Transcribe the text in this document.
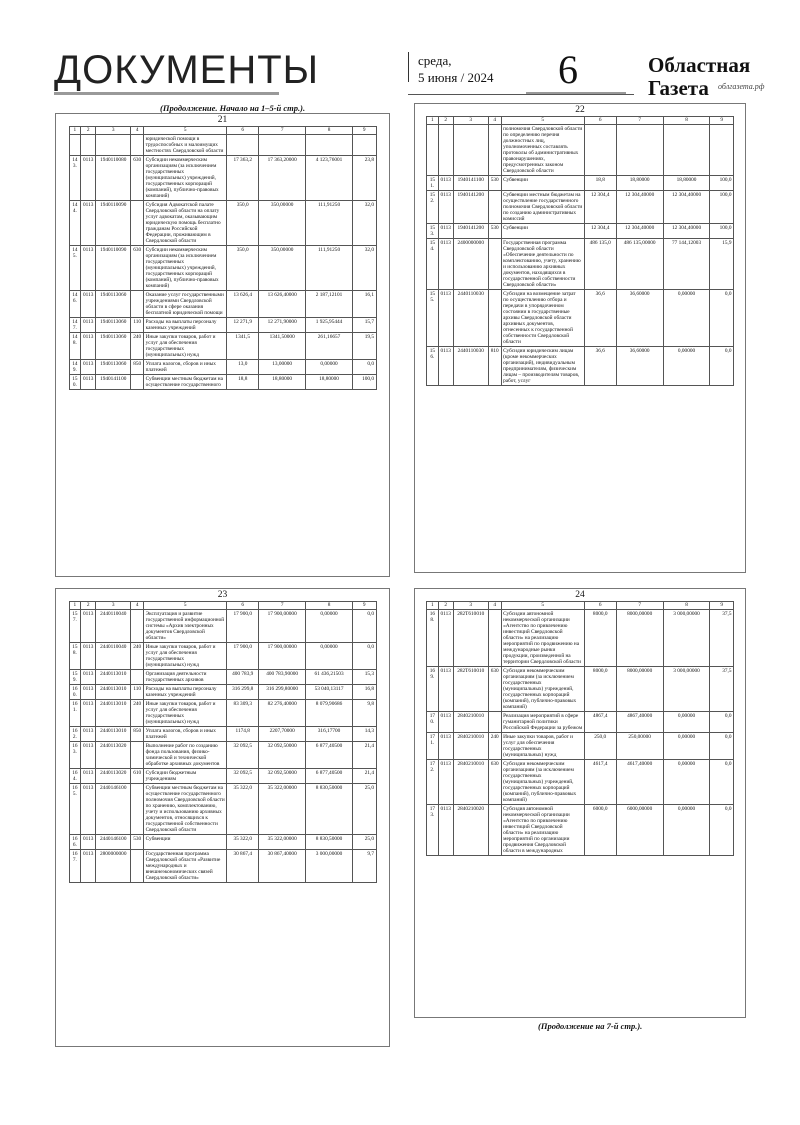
ДОКУМЕНТЫ	среда,
5 июня / 2024 6	Областная
Газета	облгазета.рф
(Продолжение. Начало на 1–5-й стр.).
21
1	2	3	4	5	6	7	8	9
				юридической помощи в трудоспособных и малоимущих местностях Свердловской области				
143.	0113	1940110080	630	Субсидии некоммерческим организациям (за исключением государственных (муниципальных) учреждений, государственных корпораций (компаний), публично-правовых компаний)	17 363,2	17 363,20000	4 123,76001	23,8
144.	0113	1940110090		Субсидия Адвокатской палате Свердловской области на оплату услуг адвокатам, оказывающим юридическую помощь бесплатно гражданам Российской Федерации, проживающим в Свердловской области	350,0	350,00000	111,91250	32,0
145.	0113	1940110090	630	Субсидии некоммерческим организациям (за исключением государственных (муниципальных) учреждений, государственных корпораций (компаний), публично-правовых компаний)	350,0	350,00000	111,91250	32,0
146.	0113	1940113060		Оказание услуг государственными учреждениями Свердловской области в сфере оказания бесплатной юридической помощи	13 626,4	13 626,40000	2 187,12101	16,1
147.	0113	1940113060	110	Расходы на выплаты персоналу казенных учреждений	12 271,9	12 271,90000	1 925,95444	15,7
148.	0113	1940113060	240	Иные закупки товаров, работ и услуг для обеспечения государственных (муниципальных) нужд	1341,5	1341,50000	261,16657	19,5
149.	0113	1940113060	850	Уплата налогов, сборов и иных платежей	13,0	13,00000	0,00000	0,0
150.	0113	1940141100		Субвенции местным бюджетам на осуществление государственного	18,8	18,80000	18,80000	100,0
22
1	2	3	4	5	6	7	8	9
				полномочия Свердловской области по определению перечня должностных лиц, уполномоченных составлять протоколы об административных правонарушениях, предусмотренных законом Свердловской области				
151.	0113	1940141100	530	Субвенции	18,8	18,80000	18,80000	100,0
152.	0113	1940141200		Субвенции местным бюджетам на осуществление государственного полномочия Свердловской области по созданию административных комиссий	12 304,4	12 304,40000	12 304,40000	100,0
153.	0113	1940141200	530	Субвенции	12 304,4	12 304,40000	12 304,40000	100,0
154.	0113	2400000000		Государственная программа Свердловской области «Обеспечение деятельности по комплектованию, учету, хранению и использованию архивных документов, находящихся в государственной собственности Свердловской области»	486 135,0	486 135,00000	77 144,12003	15,9
155.	0113	2440110030		Субсидии на возмещение затрат по осуществлению отбора и передачи в упорядоченном состоянии в государственные архивы Свердловской области архивных документов, отнесенных к государственной собственности Свердловской области	36,6	36,60000	0,00000	0,0
156.	0113	2440110030	810	Субсидии юридическим лицам (кроме некоммерческих организаций), индивидуальным предпринимателям, физическим лицам – производителям товаров, работ, услуг	36,6	36,60000	0,00000	0,0
23
1	2	3	4	5	6	7	8	9
157.	0113	2440110040		Эксплуатация и развитие государственной информационной системы «Архив электронных документов Свердловской области»	17 900,0	17 900,00000	0,00000	0,0
158.	0113	2440110040	240	Иные закупки товаров, работ и услуг для обеспечения государственных (муниципальных) нужд	17 900,0	17 900,00000	0,00000	0,0
159.	0113	2440113010		Организация деятельности государственных архивов	400 783,9	400 783,90000	61 436,21503	15,3
160.	0113	2440113010	110	Расходы на выплаты персоналу казенных учреждений	316 299,8	316 299,80000	53 040,13117	16,8
161.	0113	2440113010	240	Иные закупки товаров, работ и услуг для обеспечения государственных (муниципальных) нужд	83 309,3	82 276,40000	8 079,90686	9,8
162.	0113	2440113010	850	Уплата налогов, сборов и иных платежей	1174,8	2207,70000	316,17700	14,3
163.	0113	2440113020		Выполнение работ по созданию фонда пользования, физико-химической и технической обработке архивных документов	32 092,5	32 092,50000	6 877,40500	21,4
164.	0113	2440113020	610	Субсидии бюджетным учреждениям	32 092,5	32 092,50000	6 877,40500	21,4
165.	0113	2440146100		Субвенции местным бюджетам на осуществление государственного полномочия Свердловской области по хранению, комплектованию, учету и использованию архивных документов, относящихся к государственной собственности Свердловской области	35 322,0	35 322,00000	8 830,50000	25,0
166.	0113	2440146100	530	Субвенции	35 322,0	35 322,00000	8 830,50000	25,0
167.	0113	2800000000		Государственная программа Свердловской области «Развитие международных и внешнеэкономических связей Свердловской области»	30 867,4	30 867,40000	3 000,00000	9,7
24
1	2	3	4	5	6	7	8	9
168.	0113	282Т610010		Субсидии автономной некоммерческой организации «Агентство по привлечению инвестиций Свердловской области» на реализацию мероприятий по продвижению на международные рынки продукции, произведенной на территории Свердловской области	8000,0	8000,00000	3 000,00000	37,5
169.	0113	282Т610010	630	Субсидии некоммерческим организациям (за исключением государственных (муниципальных) учреждений, государственных корпораций (компаний), публично-правовых компаний)	8000,0	8000,00000	3 000,00000	37,5
170.	0113	2840210010		Реализация мероприятий в сфере гуманитарной политики Российской Федерации за рубежом	4867,4	4867,40000	0,00000	0,0
171.	0113	2840210010	240	Иные закупки товаров, работ и услуг для обеспечения государственных (муниципальных) нужд	250,0	250,00000	0,00000	0,0
172.	0113	2840210010	630	Субсидии некоммерческим организациям (за исключением государственных (муниципальных) учреждений, государственных корпораций (компаний), публично-правовых компаний)	4617,4	4617,40000	0,00000	0,0
173.	0113	2840210020		Субсидия автономной некоммерческой организации «Агентство по привлечению инвестиций Свердловской области» на реализацию мероприятий по организации продвижения Свердловской области в международных	6000,0	6000,00000	0,00000	0,0
(Продолжение на 7-й стр.).
